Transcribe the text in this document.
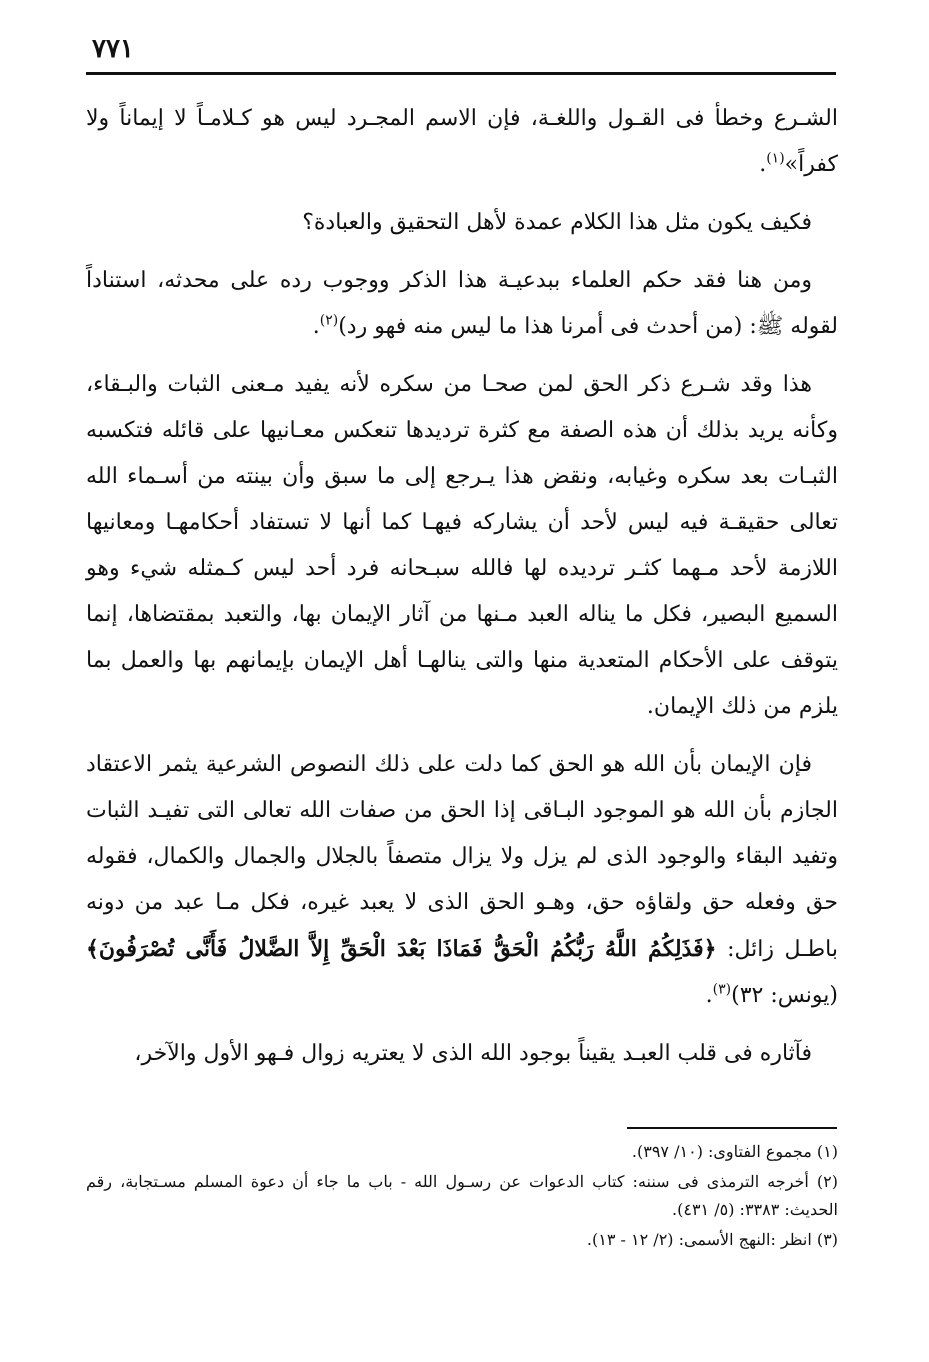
٧٧١

الشـرع وخطأ فى القـول واللغـة، فإن الاسم المجـرد ليس هو كـلامـاً لا إيماناً ولا كفراً»$^{(١)}$.

فكيف يكون مثل هذا الكلام عمدة لأهل التحقيق والعبادة؟

ومن هنا فقد حكم العلماء ببدعيـة هذا الذكر ووجوب رده على محدثه، استناداً لقوله ﷺ: (من أحدث فى أمرنا هذا ما ليس منه فهو رد)$^{(٢)}$.

هذا وقد شـرع ذكر الحق لمن صحـا من سكره لأنه يفيد مـعنى الثبات والبـقاء، وكأنه يريد بذلك أن هذه الصفة مع كثرة ترديدها تنعكس معـانيها على قائله فتكسبه الثبـات بعد سكره وغيابه، ونقض هذا يـرجع إلى ما سبق وأن بينته من أسـماء الله تعالى حقيقـة فيه ليس لأحد أن يشاركه فيهـا كما أنها لا تستفاد أحكامهـا ومعانيها اللازمة لأحد مـهما كثـر ترديده لها فالله سبـحانه فرد أحد ليس كـمثله شيء وهو السميع البصير، فكل ما يناله العبد مـنها من آثار الإيمان بها، والتعبد بمقتضاها، إنما يتوقف على الأحكام المتعدية منها والتى ينالهـا أهل الإيمان بإيمانهم بها والعمل بما يلزم من ذلك الإيمان.

فإن الإيمان بأن الله هو الحق كما دلت على ذلك النصوص الشرعية يثمر الاعتقاد الجازم بأن الله هو الموجود البـاقى إذا الحق من صفات الله تعالى التى تفيـد الثبات وتفيد البقاء والوجود الذى لم يزل ولا يزال متصفاً بالجلال والجمال والكمال، فقوله حق وفعله حق ولقاؤه حق، وهـو الحق الذى لا يعبد غيره، فكل مـا عبد من دونه باطـل زائل: ﴿فَذَلِكُمُ اللَّهُ رَبُّكُمُ الْحَقُّ فَمَاذَا بَعْدَ الْحَقِّ إِلاَّ الضَّلالُ فَأَنَّى تُصْرَفُونَ﴾ (يونس: ٣٢)$^{(٣)}$.

فآثاره فى قلب العبـد يقيناً بوجود الله الذى لا يعتريه زوال فـهو الأول والآخر،

(١) مجموع الفتاوى: (١٠/ ٣٩٧).

(٢) أخرجه الترمذى فى سننه: كتاب الدعوات عن رسـول الله - باب ما جاء أن دعوة المسلم مسـتجابة، رقم الحديث: ٣٣٨٣: (٥/ ٤٣١).

(٣) انظر :النهج الأسمى: (٢/ ١٢ - ١٣).
